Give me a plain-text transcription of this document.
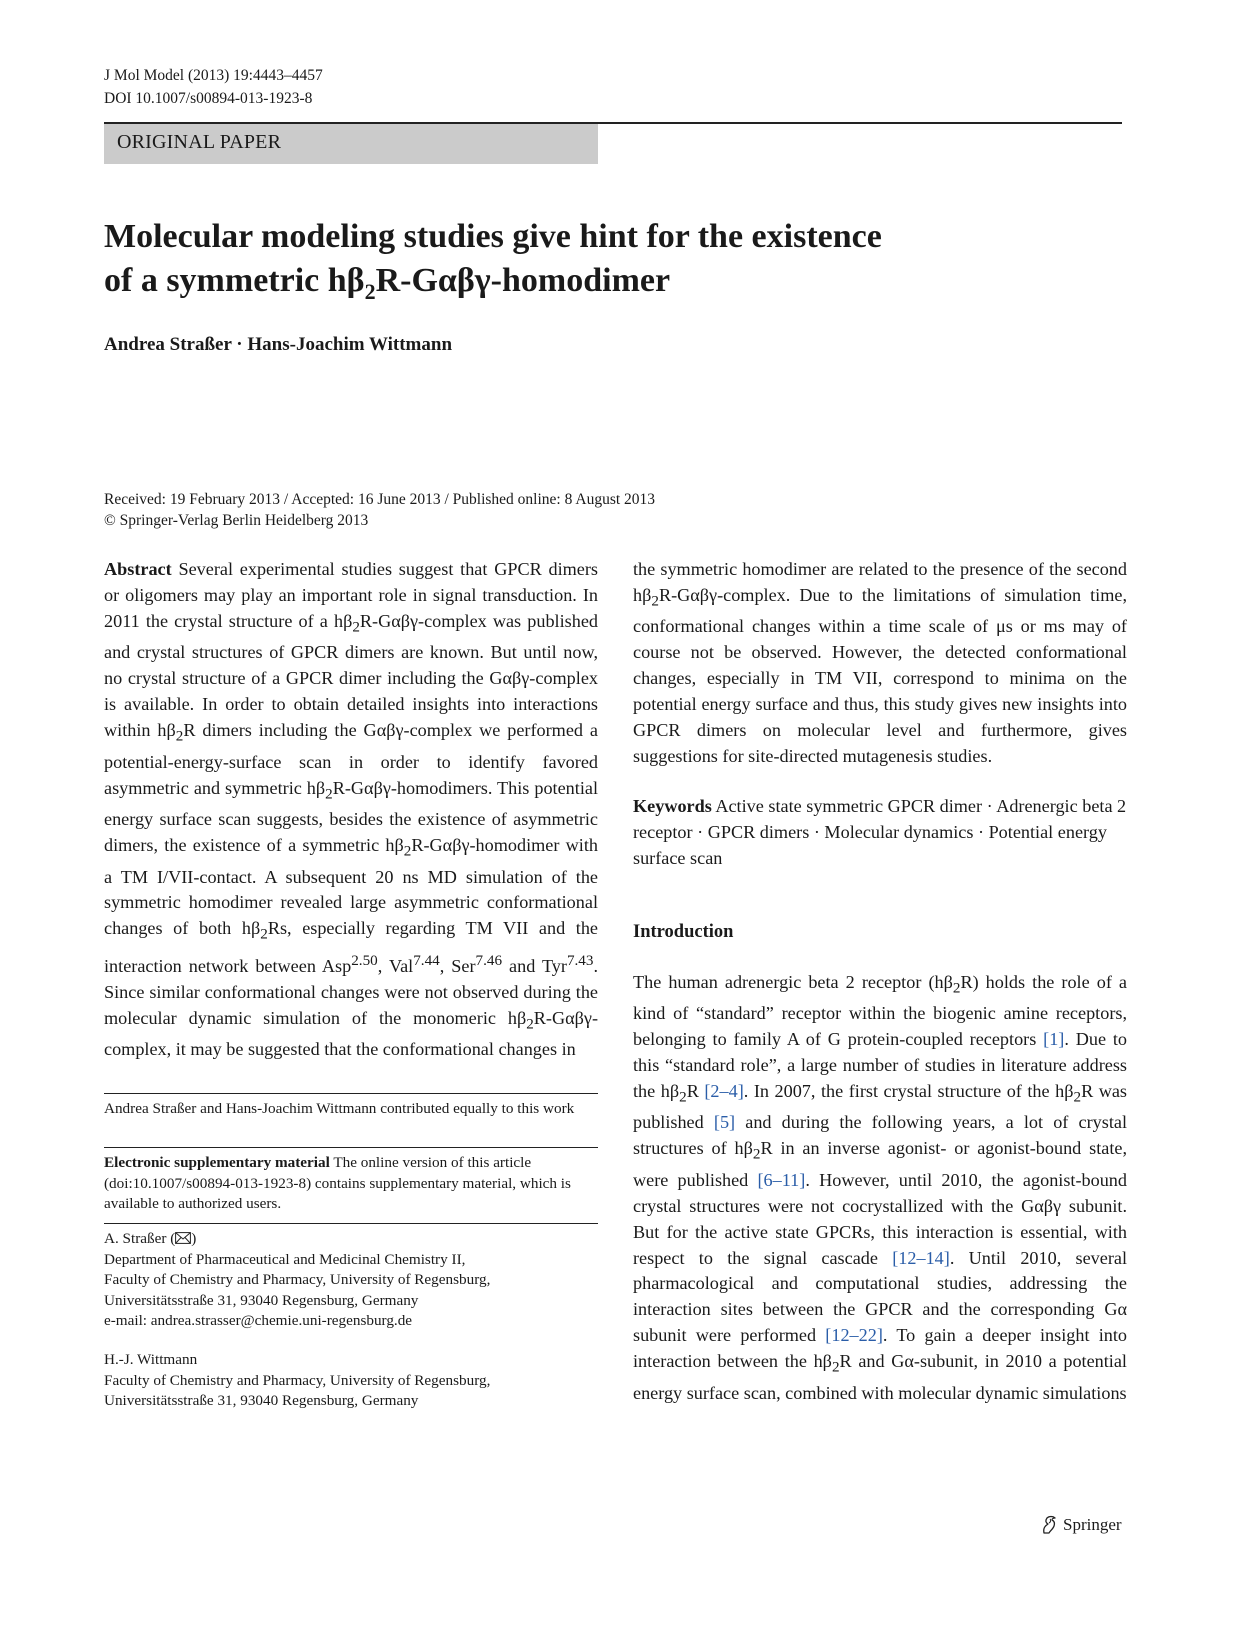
J Mol Model (2013) 19:4443–4457
DOI 10.1007/s00894-013-1923-8
ORIGINAL PAPER
Molecular modeling studies give hint for the existence
of a symmetric $h\beta_2R-G\alpha\beta\gamma$-homodimer
Andrea Straßer · Hans-Joachim Wittmann
Received: 19 February 2013 / Accepted: 16 June 2013 / Published online: 8 August 2013
© Springer-Verlag Berlin Heidelberg 2013

Abstract Several experimental studies suggest that GPCR dimers or oligomers may play an important role in signal transduction. In 2011 the crystal structure of a $h\beta_2R-G\alpha\beta\gamma$-complex was published and crystal structures of GPCR dimers are known. But until now, no crystal structure of a GPCR dimer including the Gαβγ-complex is available. In order to obtain detailed insights into interactions within $h\beta_2R$ dimers including the Gαβγ-complex we performed a potential-energy-surface scan in order to identify favored asymmetric and symmetric $h\beta_2R-G\alpha\beta\gamma$-homodimers. This potential energy surface scan suggests, besides the existence of asymmetric dimers, the existence of a symmetric $h\beta_2R-G\alpha\beta\gamma$-homodimer with a TM I/VII-contact. A subsequent 20 ns MD simulation of the symmetric homodimer revealed large asymmetric conformational changes of both $h\beta_2Rs$, especially regarding TM VII and the interaction network between Asp$^{2.50}$, Val$^{7.44}$, Ser$^{7.46}$ and Tyr$^{7.43}$. Since similar conformational changes were not observed during the molecular dynamic simulation of the monomeric $h\beta_2R-G\alpha\beta\gamma$-complex, it may be suggested that the conformational changes in

Andrea Straßer and Hans-Joachim Wittmann contributed equally to this work

Electronic supplementary material The online version of this article (doi:10.1007/s00894-013-1923-8) contains supplementary material, which is available to authorized users.

A. Straßer ( )

Department of Pharmaceutical and Medicinal Chemistry II,

Faculty of Chemistry and Pharmacy, University of Regensburg,

Universitätsstraße 31, 93040 Regensburg, Germany

e-mail: andrea.strasser@chemie.uni-regensburg.de

H.-J. Wittmann

Faculty of Chemistry and Pharmacy, University of Regensburg,

Universitätsstraße 31, 93040 Regensburg, Germany

the symmetric homodimer are related to the presence of the second $h\beta_2R-G\alpha\beta\gamma$-complex. Due to the limitations of simulation time, conformational changes within a time scale of μs or ms may of course not be observed. However, the detected conformational changes, especially in TM VII, correspond to minima on the potential energy surface and thus, this study gives new insights into GPCR dimers on molecular level and furthermore, gives suggestions for site-directed mutagenesis studies.

Keywords Active state symmetric GPCR dimer · Adrenergic beta 2 receptor · GPCR dimers · Molecular dynamics · Potential energy surface scan

Introduction

The human adrenergic beta 2 receptor $(h\beta_2R)$ holds the role of a kind of “standard” receptor within the biogenic amine receptors, belonging to family A of G protein-coupled receptors [1]. Due to this “standard role”, a large number of studies in literature address the $h\beta_2R$ [2–4]. In 2007, the first crystal structure of the $h\beta_2R$ was published [5] and during the following years, a lot of crystal structures of $h\beta_2R$ in an inverse agonist- or agonist-bound state, were published [6–11]. However, until 2010, the agonist-bound crystal structures were not cocrystallized with the Gαβγ subunit. But for the active state GPCRs, this interaction is essential, with respect to the signal cascade [12–14]. Until 2010, several pharmacological and computational studies, addressing the interaction sites between the GPCR and the corresponding Gα subunit were performed [12–22]. To gain a deeper insight into interaction between the $h\beta_2R$ and Gα-subunit, in 2010 a potential energy surface scan, combined with molecular dynamic simulations

Springer
